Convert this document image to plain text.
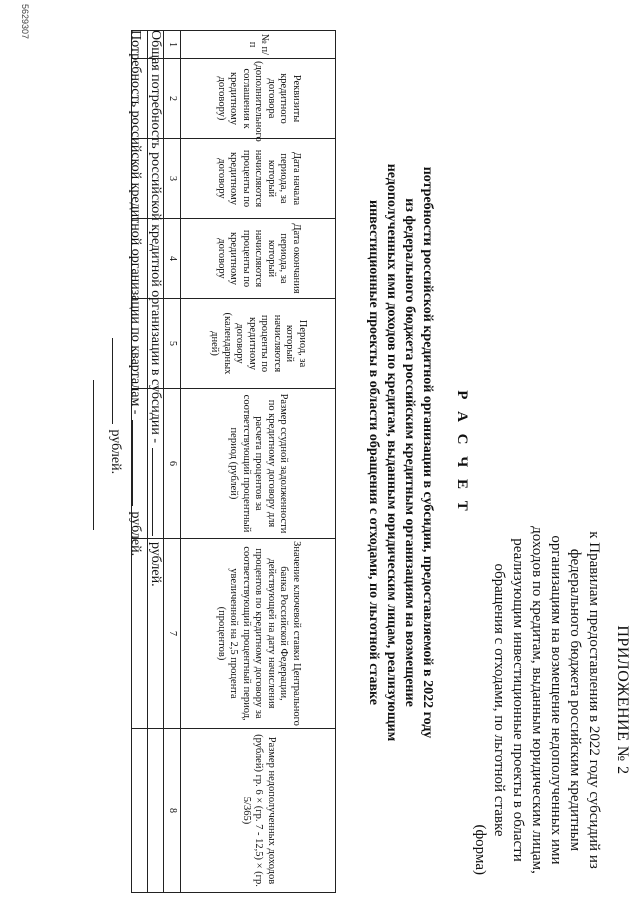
ПРИЛОЖЕНИЕ № 2
к Правилам предоставления в 2022 году субсидий из федерального бюджета российским кредитным организациям на возмещение недополученных ими доходов по кредитам, выданным юридическим лицам, реализующим инвестиционные проекты в области обращения с отходами, по льготной ставке
(форма)
Р А С Ч Е Т
потребности российской кредитной организации в субсидии, предоставляемой в 2022 году из федерального бюджета российским кредитным организациям на возмещение недополученных ими доходов по кредитам, выданным юридическим лицам, реализующим инвестиционные проекты в области обращения с отходами, по льготной ставке
№ п/п	Реквизиты кредитного договора (дополнительного соглашения к кредитному договору)	Дата начала периода, за который начисляются проценты по кредитному договору	Дата окончания периода, за который начисляются проценты по кредитному договору	Период, за который начисляются проценты по кредитному договору (календарных дней)	Размер ссудной задолженности по кредитному договору для расчета процентов за соответствующий процентный период (рублей)	Значение ключевой ставки Центрального банка Российской Федерации, действующей на дату начисления процентов по кредитному договору за соответствующий процентный период, увеличенной на 2,5 процента (процентов)	Размер недополученных доходов (рублей) гр. 6 × (гр. 7 - 12,5) × (гр. 5/365)
1	2	3	4	5	6	7	8

Общая потребность российской кредитной организации в субсидии -  рублей.
Потребность российской кредитной организации по кварталам -  рублей.
рублей.
5629307
